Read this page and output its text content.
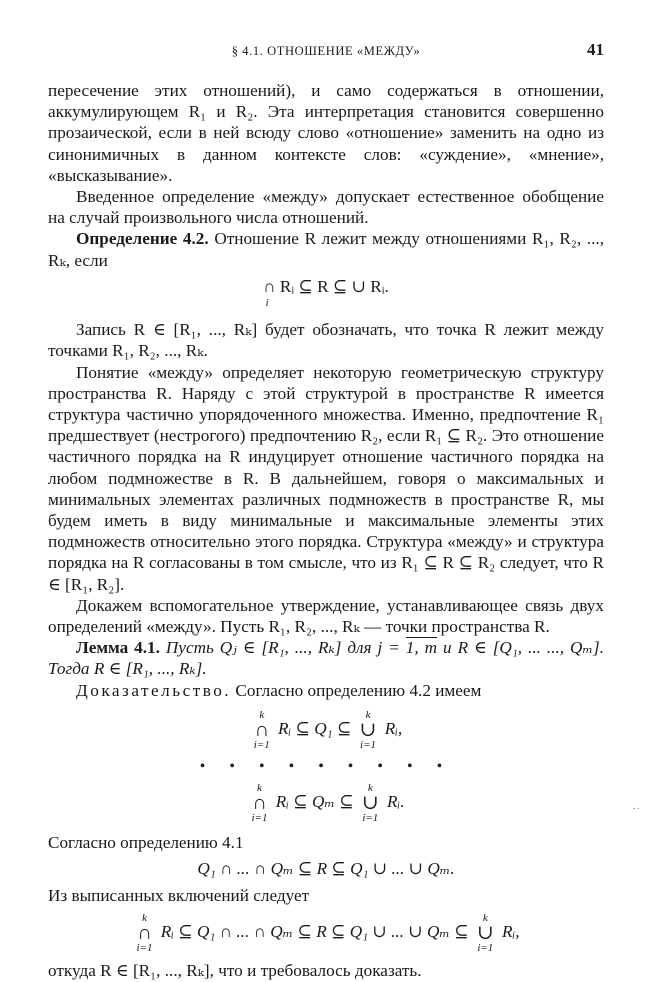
§ 4.1. ОТНОШЕНИЕ «МЕЖДУ»	41

пересечение этих отношений), и само содержаться в отношении, аккумулирующем R₁ и R₂. Эта интерпретация становится совершенно прозаической, если в ней всюду слово «отношение» заменить на одно из синонимичных в данном контексте слов: «суждение», «мнение», «высказывание».

Введенное определение «между» допускает естественное обобщение на случай произвольного числа отношений.

Определение 4.2. Отношение R лежит между отношениями R₁, R₂, ..., Rₖ, если

∩ Rᵢ ⊆ R ⊆ ∪ Rᵢ.
i

Запись R ∈ [R₁, ..., Rₖ] будет обозначать, что точка R лежит между точками R₁, R₂, ..., Rₖ.

Понятие «между» определяет некоторую геометрическую структуру пространства R. Наряду с этой структурой в пространстве R имеется структура частично упорядоченного множества. Именно, предпочтение R₁ предшествует (нестрогого) предпочтению R₂, если R₁ ⊆ R₂. Это отношение частичного порядка на R индуцирует отношение частичного порядка на любом подмножестве в R. В дальнейшем, говоря о максимальных и минимальных элементах различных подмножеств в пространстве R, мы будем иметь в виду минимальные и максимальные элементы этих подмножеств относительно этого порядка. Структура «между» и структура порядка на R согласованы в том смысле, что из R₁ ⊆ R ⊆ R₂ следует, что R ∈ [R₁, R₂].

Докажем вспомогательное утверждение, устанавливающее связь двух определений «между». Пусть R₁, R₂, ..., Rₖ — точки пространства R.

Лемма 4.1. Пусть Qⱼ ∈ [R₁, ..., Rₖ] для j = 1, m и R ∈ [Q₁, ... ..., Qₘ]. Тогда R ∈ [R₁, ..., Rₖ].

Доказательство. Согласно определению 4.2 имеем

k
∩
i=1
Rᵢ ⊆ Q₁ ⊆
k
∪
i=1
Rᵢ,
• • • • • • • • •
k
∩
i=1
Rᵢ ⊆ Qₘ ⊆
k
∪
i=1
Rᵢ.

Согласно определению 4.1

Q₁ ∩ ... ∩ Qₘ ⊆ R ⊆ Q₁ ∪ ... ∪ Qₘ.

Из выписанных включений следует

k
∩
i=1
Rᵢ ⊆ Q₁ ∩ ... ∩ Qₘ ⊆ R ⊆ Q₁ ∪ ... ∪ Qₘ ⊆
k
∪
i=1
Rᵢ,

откуда R ∈ [R₁, ..., Rₖ], что и требовалось доказать.

··
